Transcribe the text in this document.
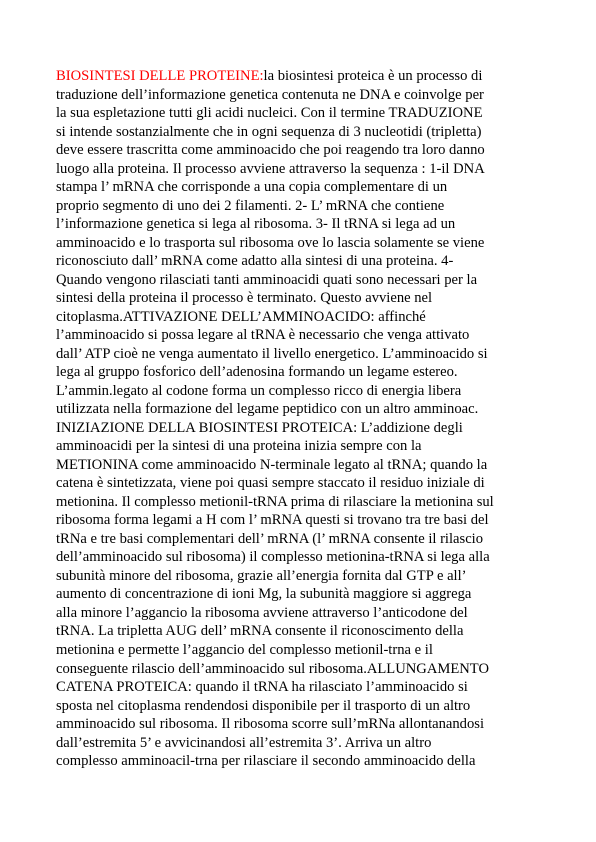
BIOSINTESI DELLE PROTEINE:la biosintesi proteica è un processo di
traduzione dell’informazione genetica contenuta ne DNA e coinvolge per
la sua espletazione tutti gli acidi nucleici. Con il termine TRADUZIONE
si intende sostanzialmente che in ogni sequenza di 3 nucleotidi (tripletta)
deve essere trascritta come amminoacido che poi reagendo tra loro danno
luogo alla proteina. Il processo avviene attraverso la sequenza : 1-il DNA
stampa l’ mRNA che corrisponde a una copia complementare di un
proprio segmento di uno dei 2 filamenti. 2- L’ mRNA che contiene
l’informazione genetica si lega al ribosoma. 3- Il tRNA si lega ad un
amminoacido e lo trasporta sul ribosoma ove lo lascia solamente se viene
riconosciuto dall’ mRNA come adatto alla sintesi di una proteina. 4-
Quando vengono rilasciati tanti amminoacidi quati sono necessari per la
sintesi della proteina il processo è terminato. Questo avviene nel
citoplasma.ATTIVAZIONE DELL’AMMINOACIDO: affinché
l’amminoacido si possa legare al tRNA è necessario che venga attivato
dall’ ATP cioè ne venga aumentato il livello energetico. L’amminoacido si
lega al gruppo fosforico dell’adenosina formando un legame estereo.
L’ammin.legato al codone forma un complesso ricco di energia libera
utilizzata nella formazione del legame peptidico con un altro amminoac.
INIZIAZIONE DELLA BIOSINTESI PROTEICA: L’addizione degli
amminoacidi per la sintesi di una proteina inizia sempre con la
METIONINA come amminoacido N-terminale legato al tRNA; quando la
catena è sintetizzata, viene poi quasi sempre staccato il residuo iniziale di
metionina. Il complesso metionil-tRNA prima di rilasciare la metionina sul
ribosoma forma legami a H com l’ mRNA questi si trovano tra tre basi del
tRNa e tre basi complementari dell’ mRNA (l’ mRNA consente il rilascio
dell’amminoacido sul ribosoma) il complesso metionina-tRNA si lega alla
subunità minore del ribosoma, grazie all’energia fornita dal GTP e all’
aumento di concentrazione di ioni Mg, la subunità maggiore si aggrega
alla minore l’aggancio la ribosoma avviene attraverso l’anticodone del
tRNA. La tripletta AUG dell’ mRNA consente il riconoscimento della
metionina e permette l’aggancio del complesso metionil-trna e il
conseguente rilascio dell’amminoacido sul ribosoma.ALLUNGAMENTO
CATENA PROTEICA: quando il tRNA ha rilasciato l’amminoacido si
sposta nel citoplasma rendendosi disponibile per il trasporto di un altro
amminoacido sul ribosoma. Il ribosoma scorre sull’mRNa allontanandosi
dall’estremita 5’ e avvicinandosi all’estremita 3’. Arriva un altro
complesso amminoacil-trna per rilasciare il secondo amminoacido della
